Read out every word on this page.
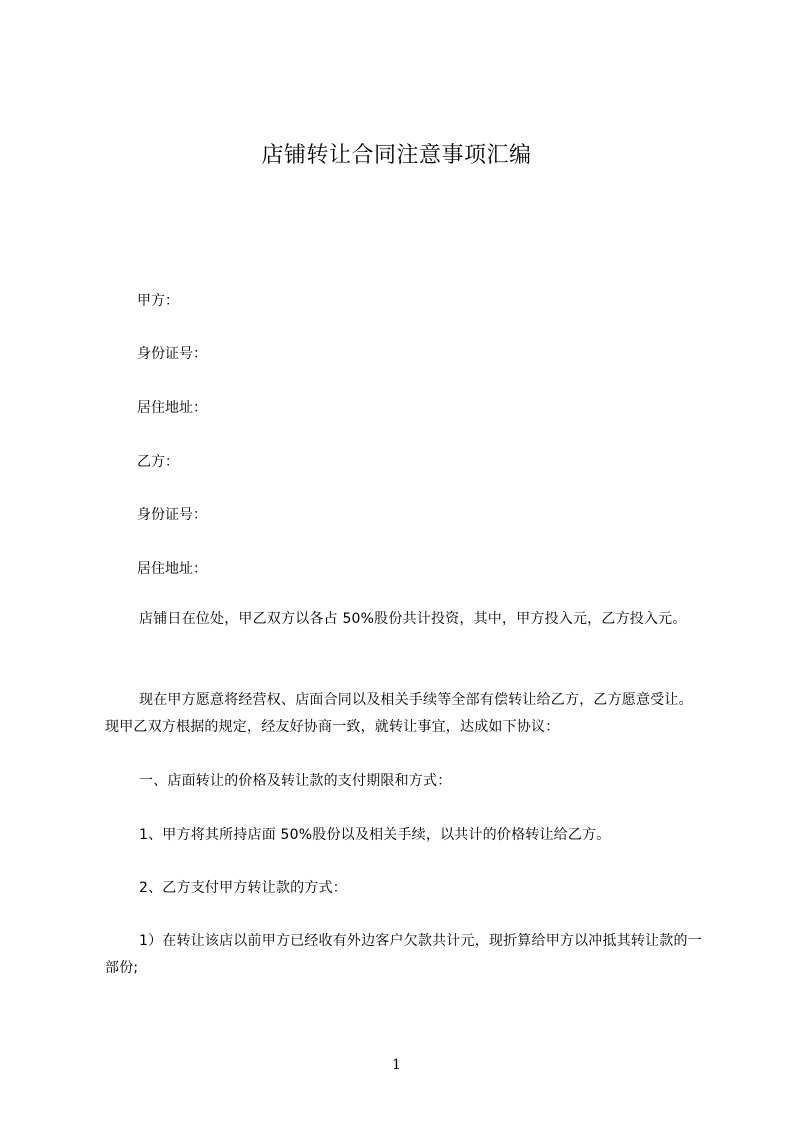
店铺转让合同注意事项汇编
甲方：
身份证号：
居住地址：
乙方：
身份证号：
居住地址：
店铺日在位处，甲乙双方以各占 50%股份共计投资，其中，甲方投入元，乙方投入元。
现在甲方愿意将经营权、店面合同以及相关手续等全部有偿转让给乙方，乙方愿意受让。现甲乙双方根据的规定，经友好协商一致，就转让事宜，达成如下协议：
一、店面转让的价格及转让款的支付期限和方式：
1、甲方将其所持店面 50%股份以及相关手续，以共计的价格转让给乙方。
2、乙方支付甲方转让款的方式：
1）在转让该店以前甲方已经收有外边客户欠款共计元，现折算给甲方以冲抵其转让款的一部份;
1
